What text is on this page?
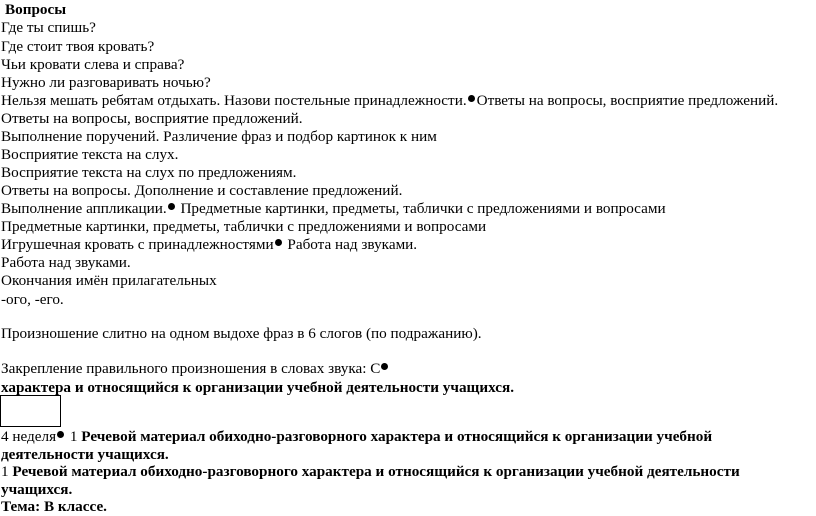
Вопросы
Где ты спишь?
Где стоит твоя кровать?
Чьи кровати слева и справа?
Нужно ли разговаривать ночью?
Нельзя мешать ребятам отдыхать. Назови постельные принадлежности. Ответы на вопросы, восприятие предложений.
Ответы на вопросы, восприятие предложений.
Выполнение поручений. Различение фраз и подбор картинок к ним
Восприятие текста на слух.
Восприятие текста на слух по предложениям.
Ответы на вопросы. Дополнение и составление предложений.
Выполнение аппликации. Предметные картинки, предметы, таблички с предложениями и вопросами
Предметные картинки, предметы, таблички с предложениями и вопросами
Игрушечная кровать с принадлежностями Работа над звуками.
Работа над звуками.
Окончания имён прилагательных
-ого, -его.
Произношение слитно на одном выдохе фраз в 6 слогов (по подражанию).
Закрепление правильного произношения в словах звука: С
характера и относящийся к организации учебной деятельности учащихся.
4 неделя 1 Речевой материал обиходно-разговорного характера и относящийся к организации учебной
деятельности учащихся.
1 Речевой материал обиходно-разговорного характера и относящийся к организации учебной деятельности
учащихся.
Тема: В классе.
